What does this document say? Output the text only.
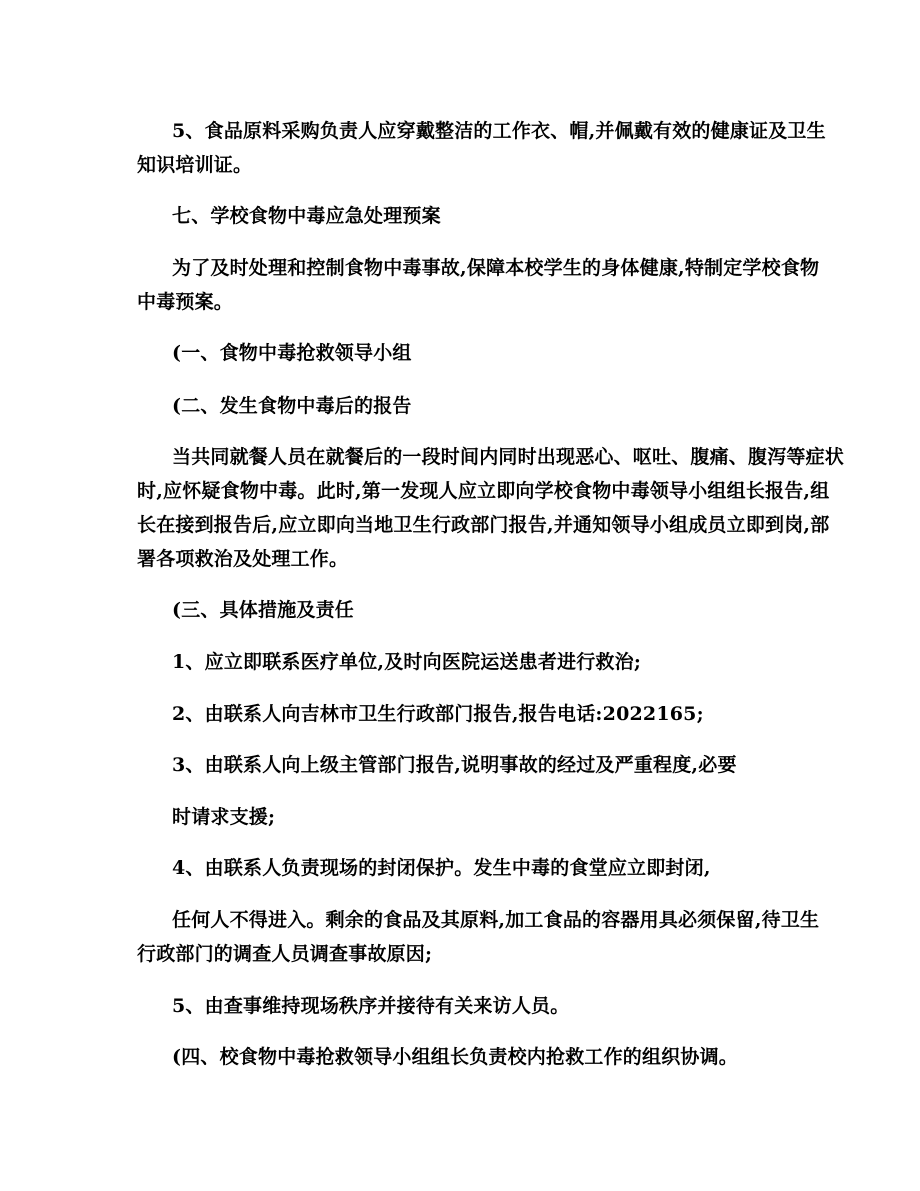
5、食品原料采购负责人应穿戴整洁的工作衣、帽,并佩戴有效的健康证及卫生
知识培训证。
七、学校食物中毒应急处理预案
为了及时处理和控制食物中毒事故,保障本校学生的身体健康,特制定学校食物
中毒预案。
(一、食物中毒抢救领导小组
(二、发生食物中毒后的报告
当共同就餐人员在就餐后的一段时间内同时出现恶心、呕吐、腹痛、腹泻等症状
时,应怀疑食物中毒。此时,第一发现人应立即向学校食物中毒领导小组组长报告,组
长在接到报告后,应立即向当地卫生行政部门报告,并通知领导小组成员立即到岗,部
署各项救治及处理工作。
(三、具体措施及责任
1、应立即联系医疗单位,及时向医院运送患者进行救治;
2、由联系人向吉林市卫生行政部门报告,报告电话:2022165;
3、由联系人向上级主管部门报告,说明事故的经过及严重程度,必要
时请求支援;
4、由联系人负责现场的封闭保护。发生中毒的食堂应立即封闭,
任何人不得进入。剩余的食品及其原料,加工食品的容器用具必须保留,待卫生
行政部门的调查人员调查事故原因;
5、由查事维持现场秩序并接待有关来访人员。
(四、校食物中毒抢救领导小组组长负责校内抢救工作的组织协调。
